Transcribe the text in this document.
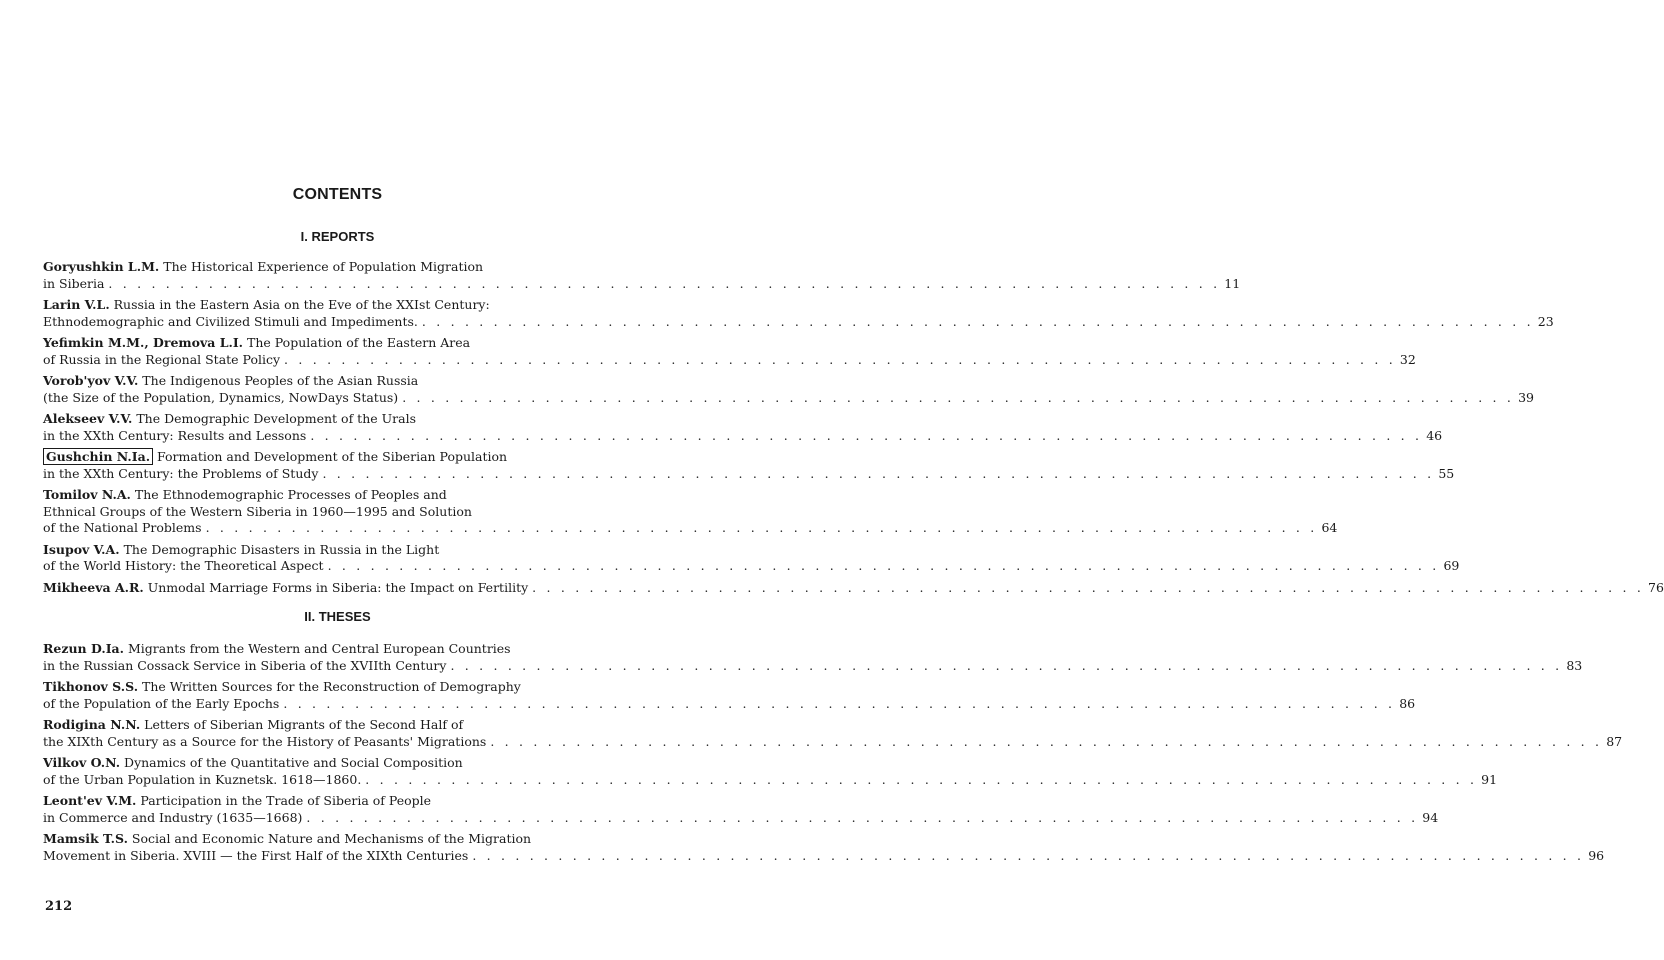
CONTENTS
I. REPORTS
Goryushkin L.M. The Historical Experience of Population Migration
in Siberia . . .	11
Larin V.L. Russia in the Eastern Asia on the Eve of the XXIst Century:
Ethnodemographic and Civilized Stimuli and Impediments. . . .	23
Yefimkin M.M., Dremova L.I. The Population of the Eastern Area
of Russia in the Regional State Policy . . .	32
Vorob'yov V.V. The Indigenous Peoples of the Asian Russia
(the Size of the Population, Dynamics, NowDays Status) . . .	39
Alekseev V.V. The Demographic Development of the Urals
in the XXth Century: Results and Lessons . . .	46
Gushchin N.Ia. Formation and Development of the Siberian Population
in the XXth Century: the Problems of Study . . .	55
Tomilov N.A. The Ethnodemographic Processes of Peoples and
Ethnical Groups of the Western Siberia in 1960—1995 and Solution
of the National Problems . . .	64
Isupov V.A. The Demographic Disasters in Russia in the Light
of the World History: the Theoretical Aspect . . .	69
Mikheeva A.R. Unmodal Marriage Forms in Siberia: the Impact on Fertility . . .	76
II. THESES
Rezun D.Ia. Migrants from the Western and Central European Countries
in the Russian Cossack Service in Siberia of the XVIIth Century . . .	83
Tikhonov S.S. The Written Sources for the Reconstruction of Demography
of the Population of the Early Epochs . . .	86
Rodigina N.N. Letters of Siberian Migrants of the Second Half of
the XIXth Century as a Source for the History of Peasants' Migrations . . .	87
Vilkov O.N. Dynamics of the Quantitative and Social Composition
of the Urban Population in Kuznetsk. 1618—1860. . . .	91
Leont'ev V.M. Participation in the Trade of Siberia of People
in Commerce and Industry (1635—1668) . . .	94
Mamsik T.S. Social and Economic Nature and Mechanisms of the Migration
Movement in Siberia. XVIII — the First Half of the XIXth Centuries . . .	96
212
